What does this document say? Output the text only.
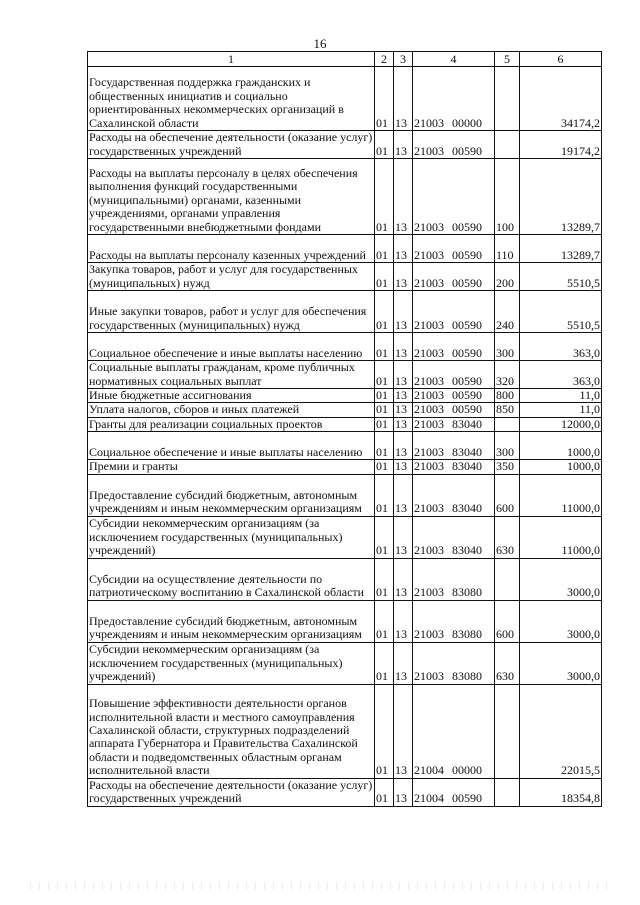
16
1	2	3	4	5	6
Государственная поддержка гражданских и общественных инициатив и социально ориентированных некоммерческих организаций в Сахалинской области	01	13	21003 00000		34174,2
Расходы на обеспечение деятельности (оказание услуг) государственных учреждений	01	13	21003 00590		19174,2
Расходы на выплаты персоналу в целях обеспечения выполнения функций государственными (муниципальными) органами, казенными учреждениями, органами управления государственными внебюджетными фондами	01	13	21003 00590	100	13289,7
Расходы на выплаты персоналу казенных учреждений	01	13	21003 00590	110	13289,7
Закупка товаров, работ и услуг для государственных (муниципальных) нужд	01	13	21003 00590	200	5510,5
Иные закупки товаров, работ и услуг для обеспечения государственных (муниципальных) нужд	01	13	21003 00590	240	5510,5
Социальное обеспечение и иные выплаты населению	01	13	21003 00590	300	363,0
Социальные выплаты гражданам, кроме публичных нормативных социальных выплат	01	13	21003 00590	320	363,0
Иные бюджетные ассигнования	01	13	21003 00590	800	11,0
Уплата налогов, сборов и иных платежей	01	13	21003 00590	850	11,0
Гранты для реализации социальных проектов	01	13	21003 83040		12000,0
Социальное обеспечение и иные выплаты населению	01	13	21003 83040	300	1000,0
Премии и гранты	01	13	21003 83040	350	1000,0
Предоставление субсидий бюджетным, автономным учреждениям и иным некоммерческим организациям	01	13	21003 83040	600	11000,0
Субсидии некоммерческим организациям (за исключением государственных (муниципальных) учреждений)	01	13	21003 83040	630	11000,0
Субсидии на осуществление деятельности по патриотическому воспитанию в Сахалинской области	01	13	21003 83080		3000,0
Предоставление субсидий бюджетным, автономным учреждениям и иным некоммерческим организациям	01	13	21003 83080	600	3000,0
Субсидии некоммерческим организациям (за исключением государственных (муниципальных) учреждений)	01	13	21003 83080	630	3000,0
Повышение эффективности деятельности органов исполнительной власти и местного самоуправления Сахалинской области, структурных подразделений аппарата Губернатора и Правительства Сахалинской области и подведомственных областным органам исполнительной власти	01	13	21004 00000		22015,5
Расходы на обеспечение деятельности (оказание услуг) государственных учреждений	01	13	21004 00590		18354,8
